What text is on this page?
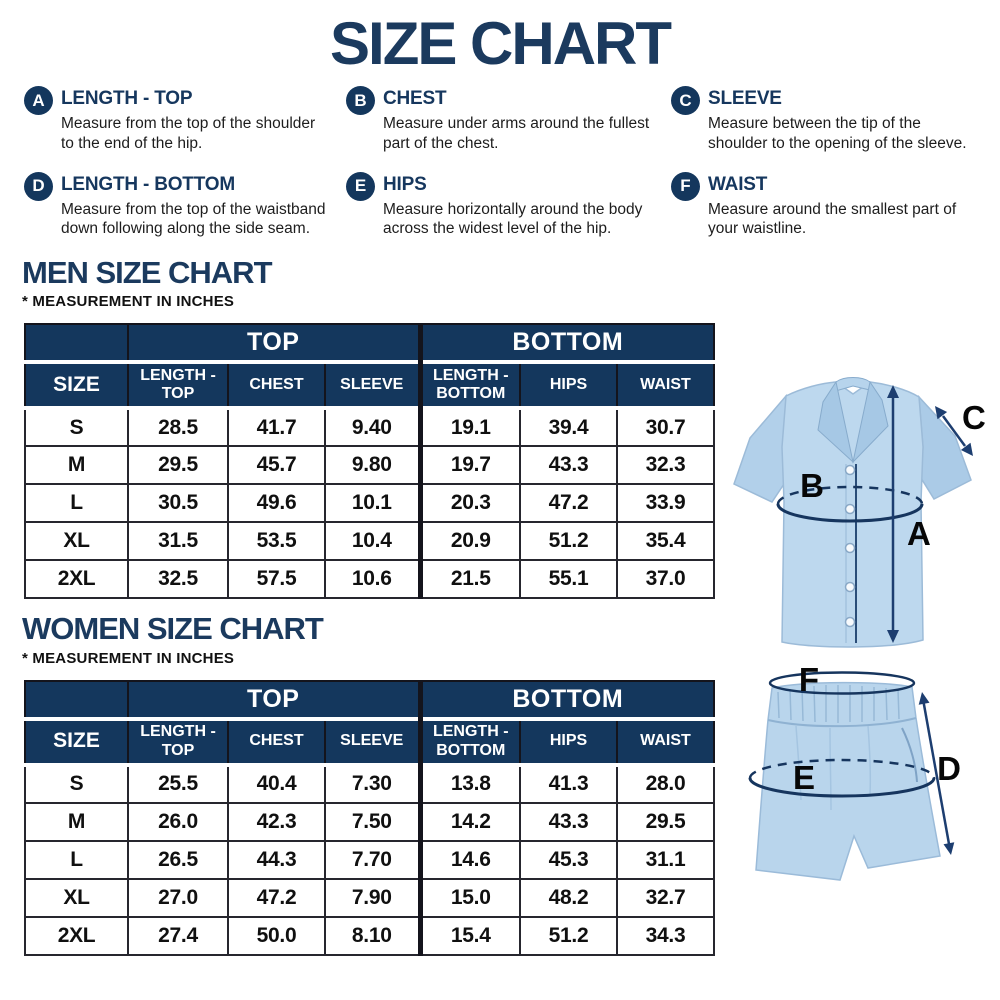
SIZE CHART
A LENGTH - TOP
Measure from the top of the shoulder to the end of the hip.
B CHEST
Measure under arms around the fullest part of the chest.
C SLEEVE
Measure between the tip of the shoulder to the opening of the sleeve.
D LENGTH - BOTTOM
Measure from the top of the waistband down following along the side seam.
E HIPS
Measure horizontally around the body across the widest level of the hip.
F WAIST
Measure around the smallest part of your waistline.
MEN SIZE CHART
* MEASUREMENT IN INCHES
	TOP			BOTTOM		
SIZE	LENGTH - TOP	CHEST	SLEEVE	LENGTH - BOTTOM	HIPS	WAIST
S	28.5	41.7	9.40	19.1	39.4	30.7
M	29.5	45.7	9.80	19.7	43.3	32.3
L	30.5	49.6	10.1	20.3	47.2	33.9
XL	31.5	53.5	10.4	20.9	51.2	35.4
2XL	32.5	57.5	10.6	21.5	55.1	37.0
WOMEN SIZE CHART
* MEASUREMENT IN INCHES
	TOP			BOTTOM		
SIZE	LENGTH - TOP	CHEST	SLEEVE	LENGTH - BOTTOM	HIPS	WAIST
S	25.5	40.4	7.30	13.8	41.3	28.0
M	26.0	42.3	7.50	14.2	43.3	29.5
L	26.5	44.3	7.70	14.6	45.3	31.1
XL	27.0	47.2	7.90	15.0	48.2	32.7
2XL	27.4	50.0	8.10	15.4	51.2	34.3
B
A
C
F
E	D
